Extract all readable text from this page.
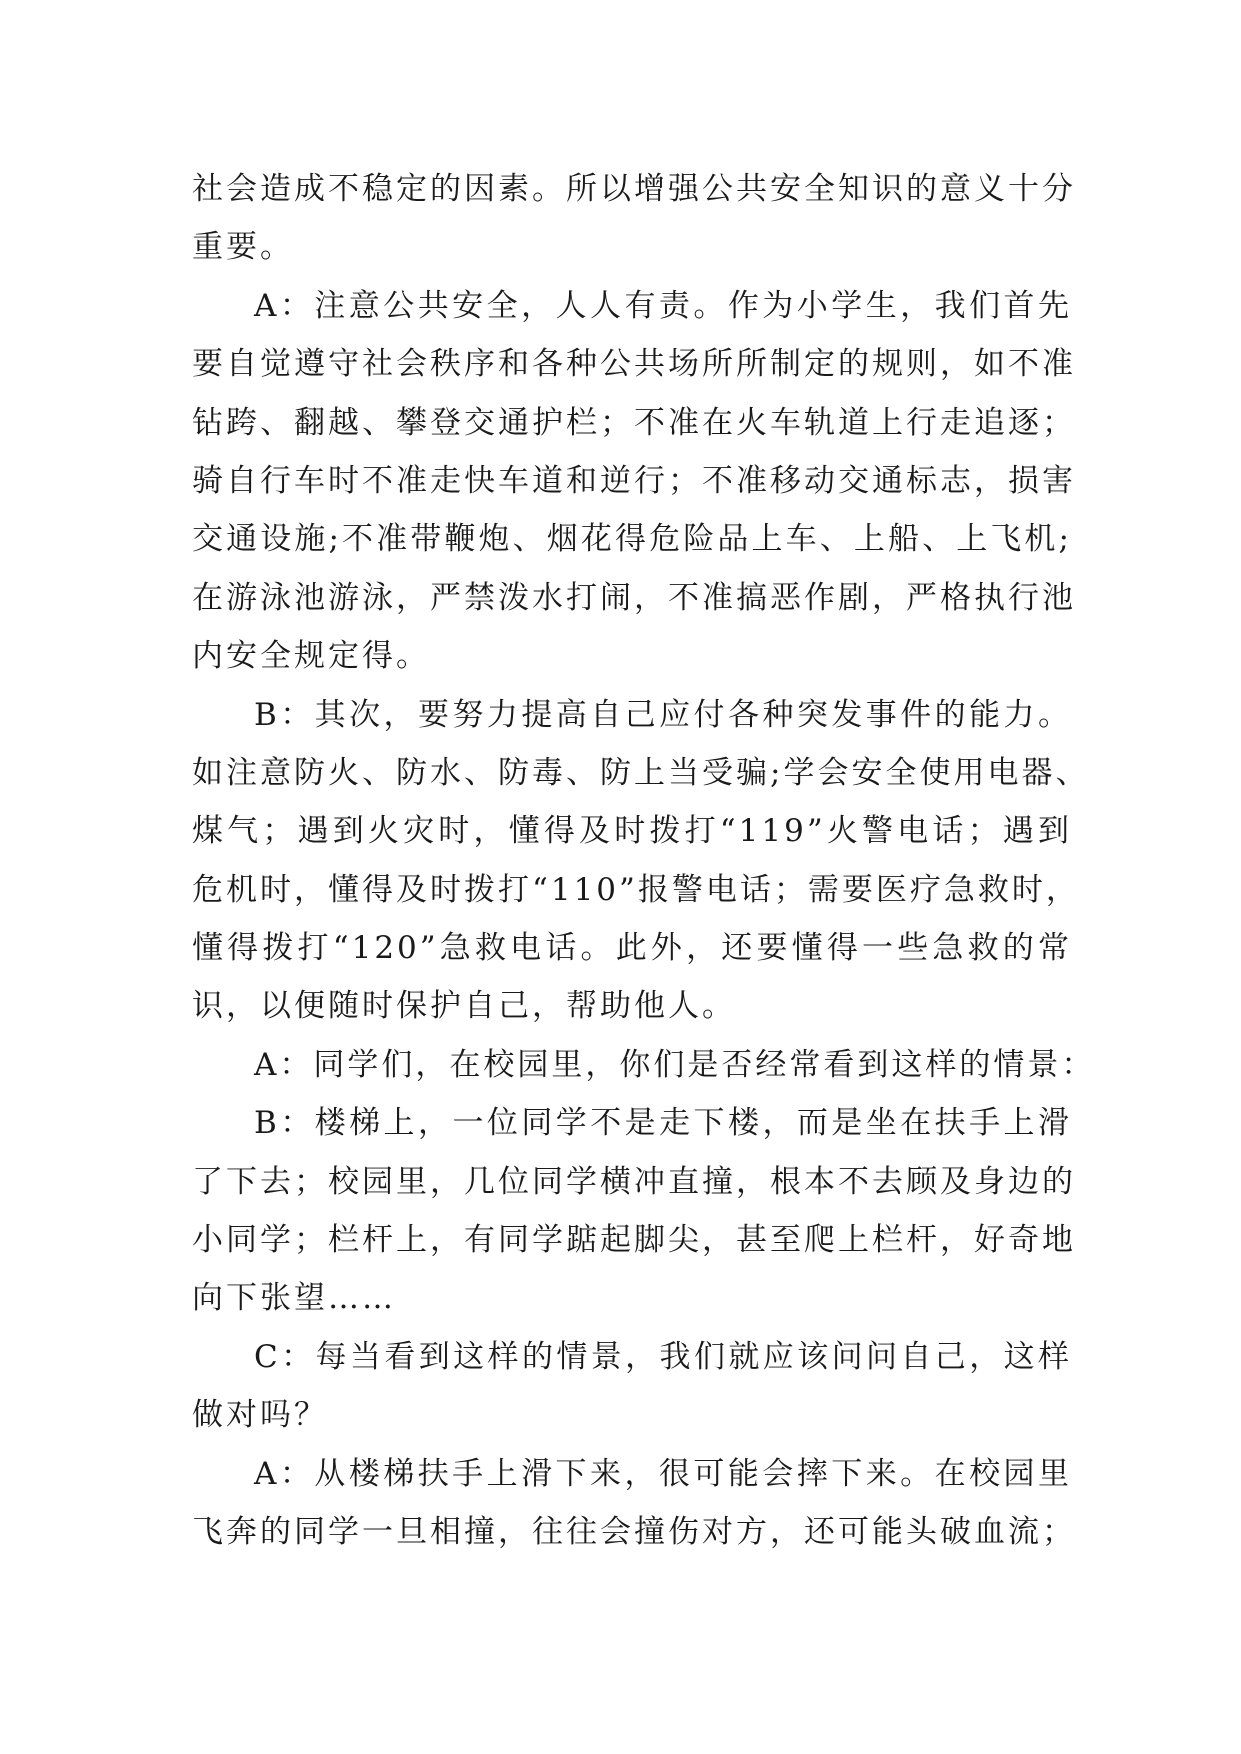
社会造成不稳定的因素。所以增强公共安全知识的意义十分
重要。
A：注意公共安全，人人有责。作为小学生，我们首先
要自觉遵守社会秩序和各种公共场所所制定的规则，如不准
钻跨、翻越、攀登交通护栏；不准在火车轨道上行走追逐；
骑自行车时不准走快车道和逆行；不准移动交通标志，损害
交通设施;不准带鞭炮、烟花得危险品上车、上船、上飞机;
在游泳池游泳，严禁泼水打闹，不准搞恶作剧，严格执行池
内安全规定得。
B：其次，要努力提高自己应付各种突发事件的能力。
如注意防火、防水、防毒、防上当受骗;学会安全使用电器、
煤气；遇到火灾时，懂得及时拨打“119”火警电话；遇到
危机时，懂得及时拨打“110”报警电话；需要医疗急救时，
懂得拨打“120”急救电话。此外，还要懂得一些急救的常
识，以便随时保护自己，帮助他人。
A：同学们，在校园里，你们是否经常看到这样的情景：
B：楼梯上，一位同学不是走下楼，而是坐在扶手上滑
了下去；校园里，几位同学横冲直撞，根本不去顾及身边的
小同学；栏杆上，有同学踮起脚尖，甚至爬上栏杆，好奇地
向下张望……
C：每当看到这样的情景，我们就应该问问自己，这样
做对吗？
A：从楼梯扶手上滑下来，很可能会摔下来。在校园里
飞奔的同学一旦相撞，往往会撞伤对方，还可能头破血流；
